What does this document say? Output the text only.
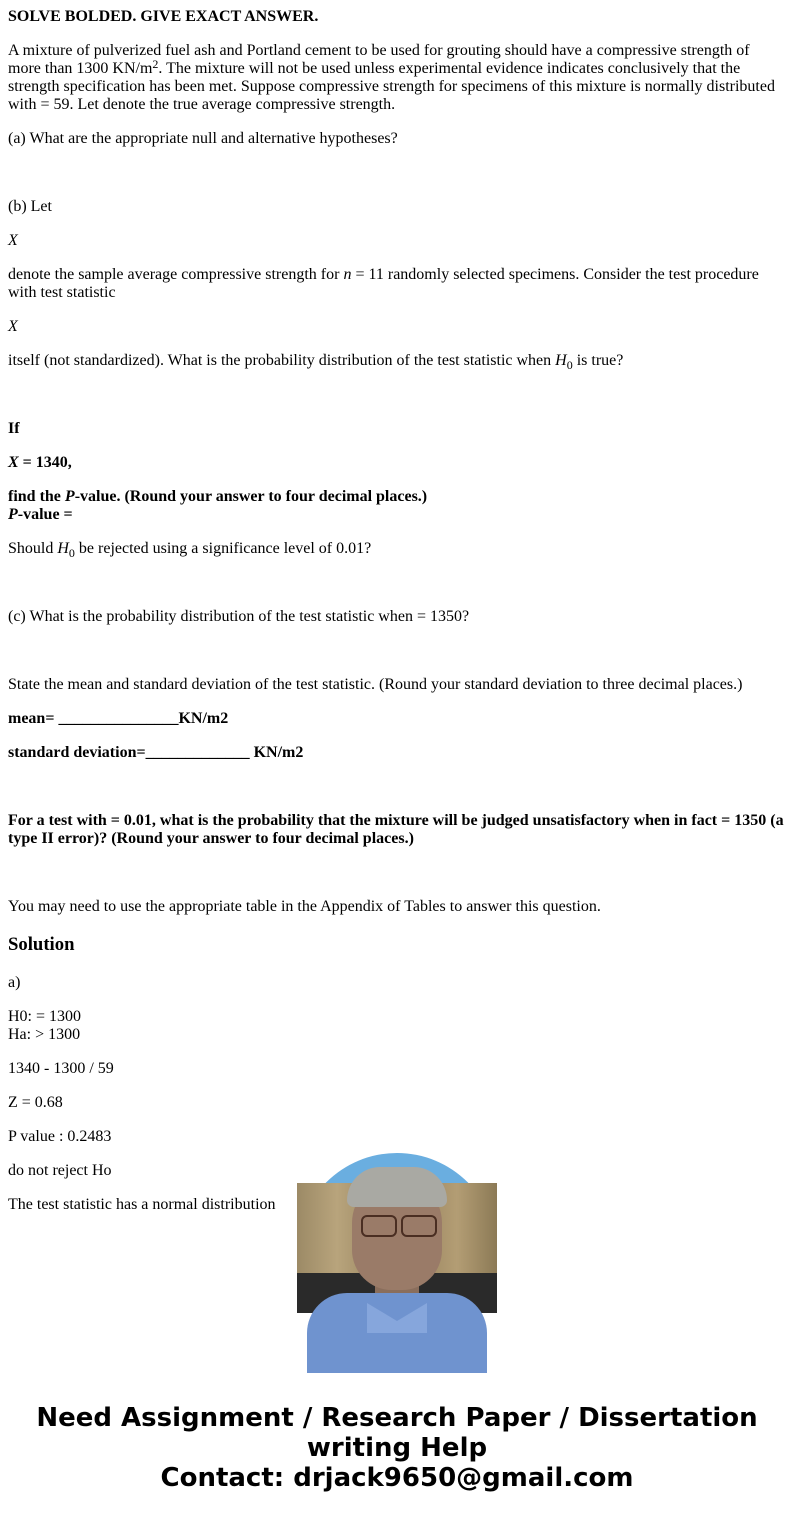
SOLVE BOLDED. GIVE EXACT ANSWER.

A mixture of pulverized fuel ash and Portland cement to be used for grouting should have a compressive strength of more than 1300 $KN/m^2$. The mixture will not be used unless experimental evidence indicates conclusively that the strength specification has been met. Suppose compressive strength for specimens of this mixture is normally distributed with = 59. Let denote the true average compressive strength.

(a) What are the appropriate null and alternative hypotheses?

(b) Let

X

denote the sample average compressive strength for n = 11 randomly selected specimens. Consider the test procedure with test statistic

X

itself (not standardized). What is the probability distribution of the test statistic when $H_0$ is true?

If

X = 1340,

find the P-value. (Round your answer to four decimal places.)
P-value =

Should $H_0$ be rejected using a significance level of 0.01?

(c) What is the probability distribution of the test statistic when = 1350?

State the mean and standard deviation of the test statistic. (Round your standard deviation to three decimal places.)

mean= _______________KN/m2

standard deviation=_____________ KN/m2

For a test with = 0.01, what is the probability that the mixture will be judged unsatisfactory when in fact = 1350 (a type II error)? (Round your answer to four decimal places.)

You may need to use the appropriate table in the Appendix of Tables to answer this question.

Solution

a)

H0: = 1300
Ha: > 1300

1340 - 1300 / 59

Z = 0.68

P value : 0.2483

do not reject Ho

The test statistic has a normal distribution

Need Assignment / Research Paper / Dissertation
writing Help
Contact: drjack9650@gmail.com
